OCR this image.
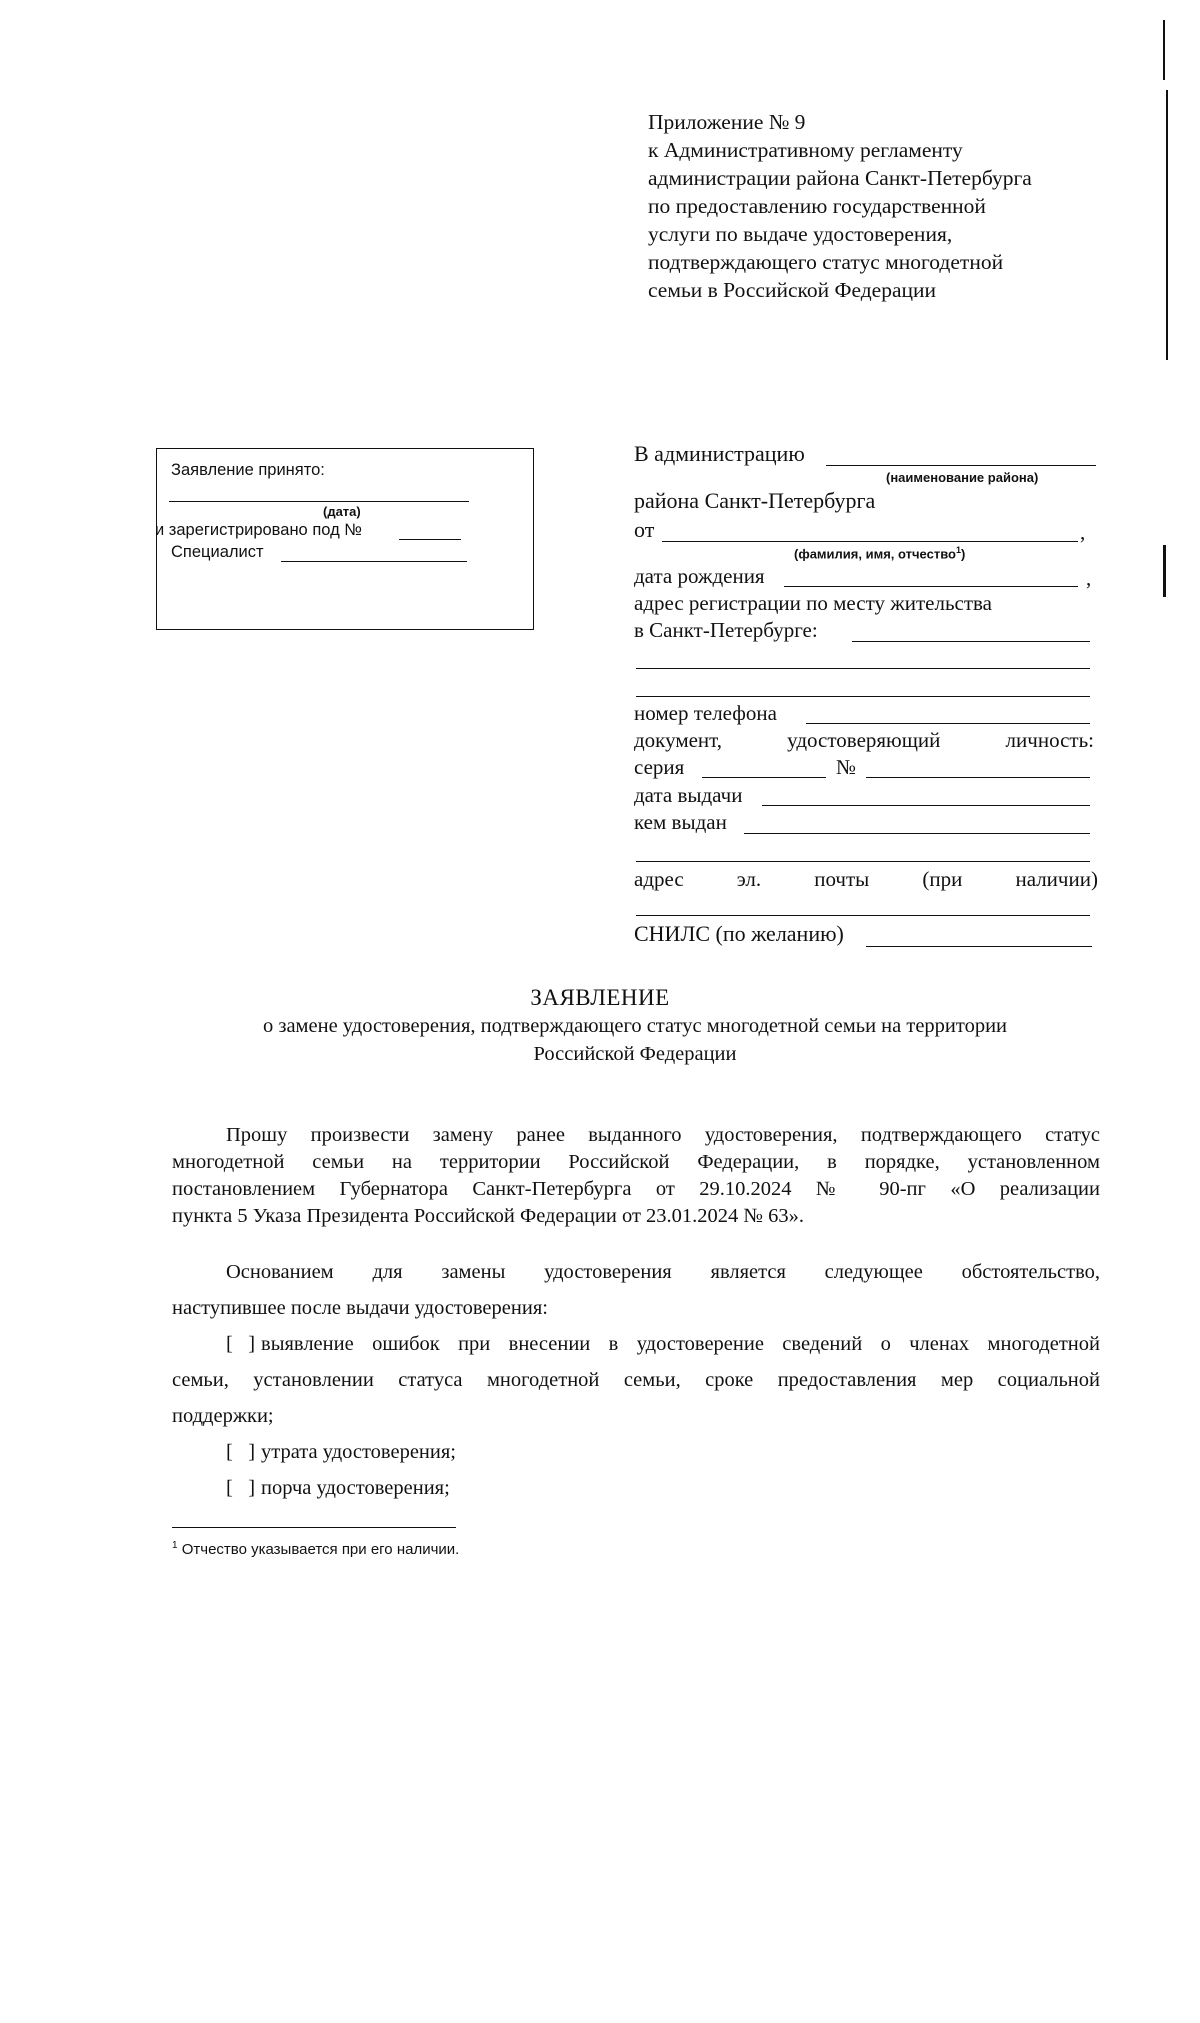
Приложение № 9
к Административному регламенту
администрации района Санкт-Петербурга
по предоставлению государственной
услуги по выдаче удостоверения,
подтверждающего статус многодетной
семьи в Российской Федерации
Заявление принято:
(дата)
и зарегистрировано под №
Специалист
В администрацию
(наименование района)
района Санкт-Петербурга
от	,
(фамилия, имя, отчество$^1$)
дата рождения	,
адрес регистрации по месту жительства
в Санкт-Петербурге:
номер телефона
документ,	удостоверяющий	личность:
серия	№
дата выдачи
кем выдан
адрес	эл.	почты	(при	наличии)
СНИЛС (по желанию)
ЗАЯВЛЕНИЕ
о замене удостоверения, подтверждающего статус многодетной семьи на территории
Российской Федерации
Прошу произвести замену ранее выданного удостоверения, подтверждающего статус
многодетной семьи на территории Российской Федерации, в порядке, установленном
постановлением Губернатора Санкт-Петербурга от 29.10.2024 № 90-пг «О реализации
пункта 5 Указа Президента Российской Федерации от 23.01.2024 № 63».
Основанием для замены удостоверения является следующее обстоятельство,
наступившее после выдачи удостоверения:
[   ] выявление ошибок при внесении в удостоверение сведений о членах многодетной
семьи, установлении статуса многодетной семьи, сроке предоставления мер социальной
поддержки;
[   ] утрата удостоверения;
[   ] порча удостоверения;
$^1$ Отчество указывается при его наличии.
